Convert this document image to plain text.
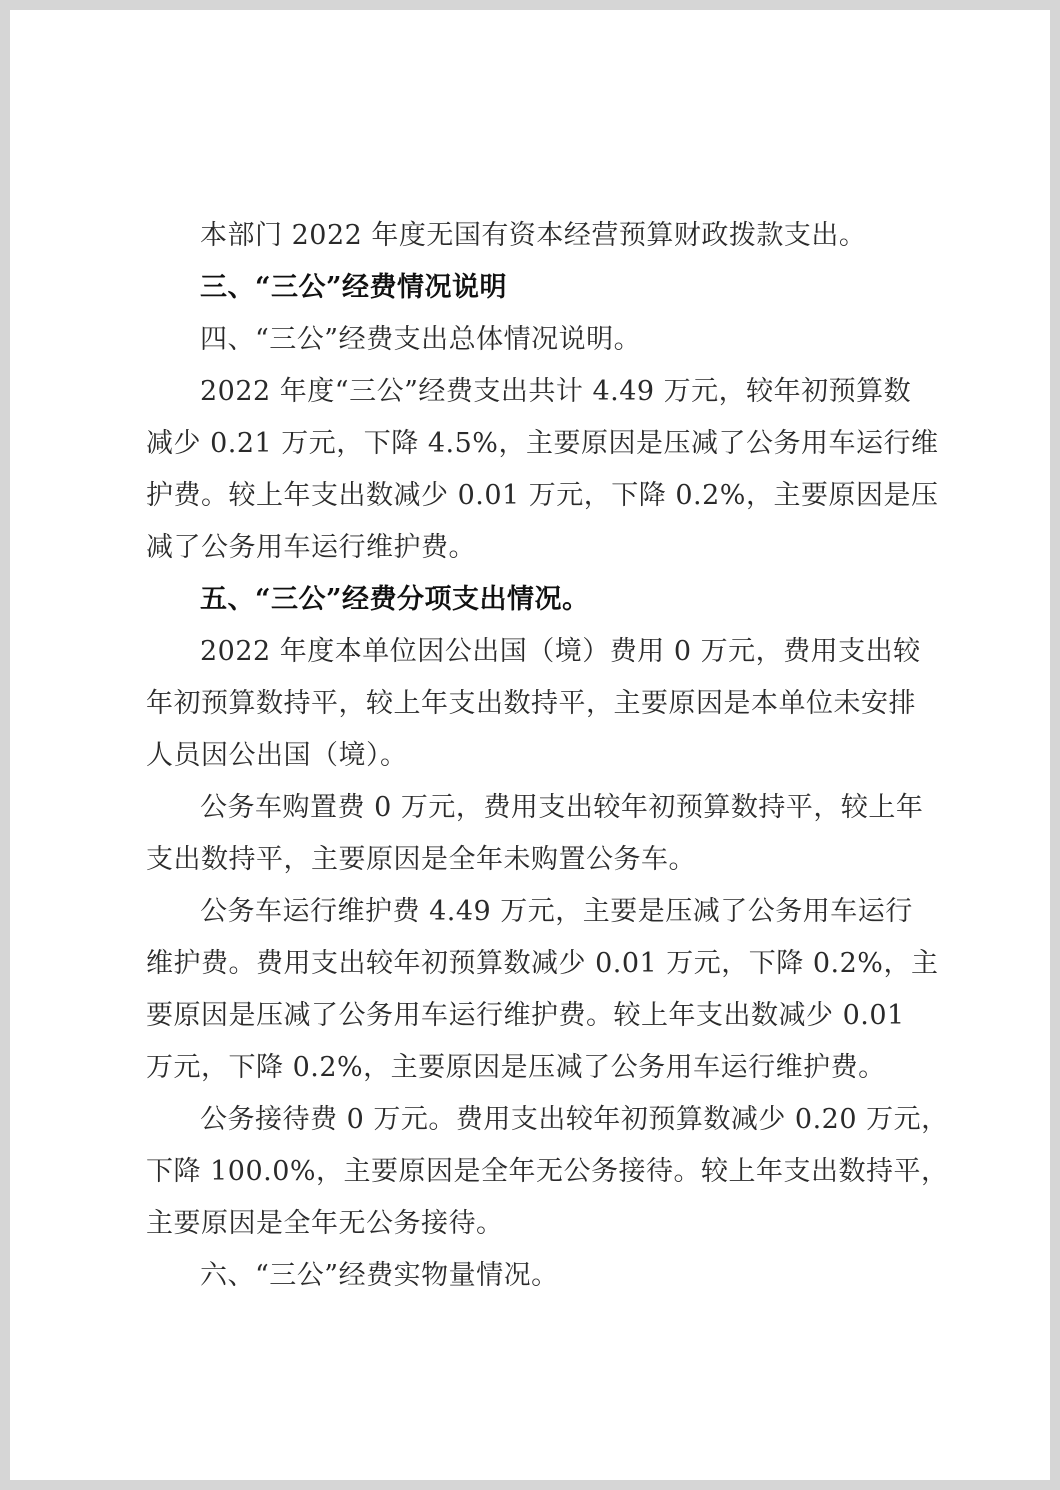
本部门 2022 年度无国有资本经营预算财政拨款支出。
三、“三公”经费情况说明
四、“三公”经费支出总体情况说明。
2022 年度“三公”经费支出共计 4.49 万元，较年初预算数
减少 0.21 万元，下降 4.5%，主要原因是压减了公务用车运行维
护费。较上年支出数减少 0.01 万元，下降 0.2%，主要原因是压
减了公务用车运行维护费。
五、“三公”经费分项支出情况。
2022 年度本单位因公出国（境）费用 0 万元，费用支出较
年初预算数持平，较上年支出数持平，主要原因是本单位未安排
人员因公出国（境）。
公务车购置费 0 万元，费用支出较年初预算数持平，较上年
支出数持平，主要原因是全年未购置公务车。
公务车运行维护费 4.49 万元，主要是压减了公务用车运行
维护费。费用支出较年初预算数减少 0.01 万元，下降 0.2%，主
要原因是压减了公务用车运行维护费。较上年支出数减少 0.01
万元，下降 0.2%，主要原因是压减了公务用车运行维护费。
公务接待费 0 万元。费用支出较年初预算数减少 0.20 万元，
下降 100.0%，主要原因是全年无公务接待。较上年支出数持平，
主要原因是全年无公务接待。
六、“三公”经费实物量情况。
